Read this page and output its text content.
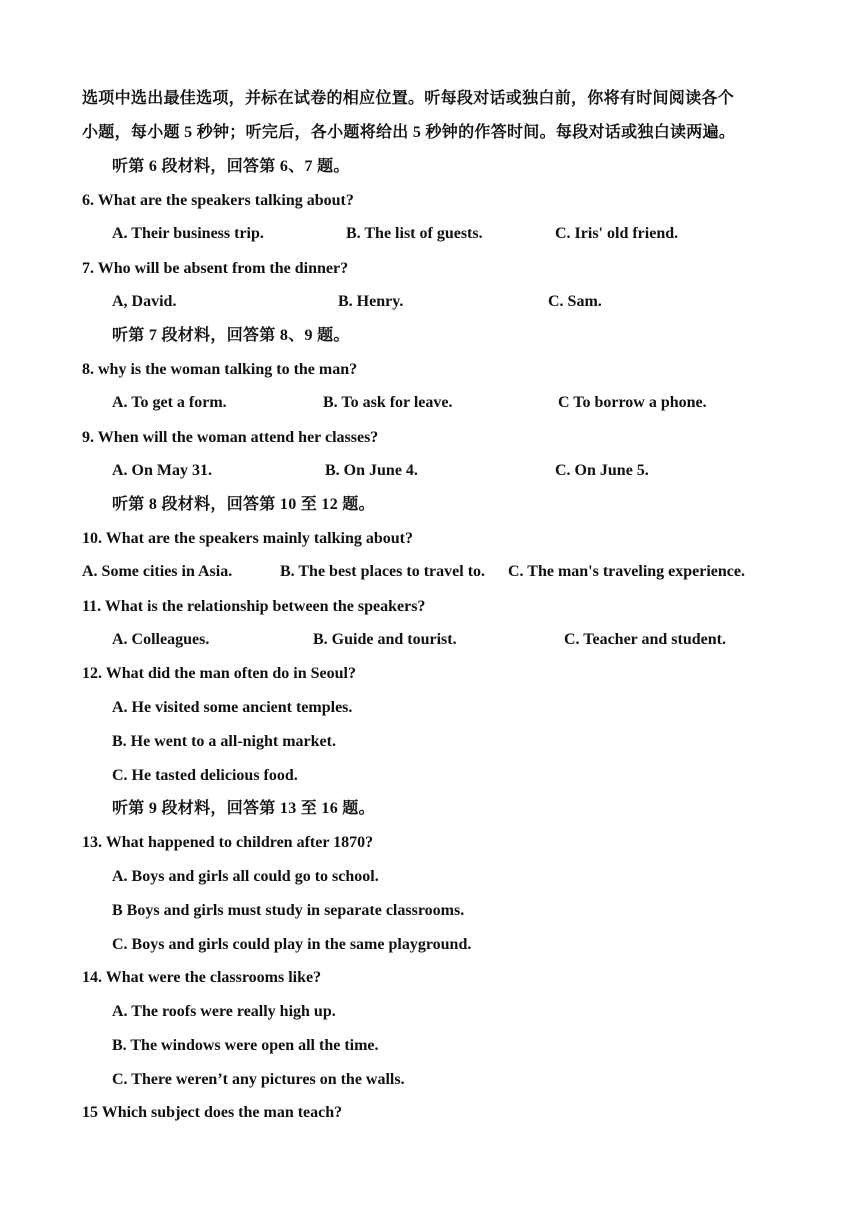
选项中选出最佳选项，并标在试卷的相应位置。听每段对话或独白前，你将有时间阅读各个
小题，每小题 5 秒钟；听完后，各小题将给出 5 秒钟的作答时间。每段对话或独白读两遍。
听第 6 段材料，回答第 6、7 题。
6. What are the speakers talking about?
A. Their business trip.	B. The list of guests.	C. Iris' old friend.
7. Who will be absent from the dinner?
A, David.	B. Henry.	C. Sam.
听第 7 段材料，回答第 8、9 题。
8. why is the woman talking to the man?
A. To get a form.	B. To ask for leave.	C To borrow a phone.
9. When will the woman attend her classes?
A. On May 31.	B. On June 4.	C. On June 5.
听第 8 段材料，回答第 10 至 12 题。
10. What are the speakers mainly talking about?
A. Some cities in Asia.	B. The best places to travel to. C. The man's traveling experience.
11. What is the relationship between the speakers?
A. Colleagues.	B. Guide and tourist.	C. Teacher and student.
12. What did the man often do in Seoul?
A. He visited some ancient temples.
B. He went to a all-night market.
C. He tasted delicious food.
听第 9 段材料，回答第 13 至 16 题。
13. What happened to children after 1870?
A. Boys and girls all could go to school.
B Boys and girls must study in separate classrooms.
C. Boys and girls could play in the same playground.
14. What were the classrooms like?
A. The roofs were really high up.
B. The windows were open all the time.
C. There weren’t any pictures on the walls.
15 Which subject does the man teach?
